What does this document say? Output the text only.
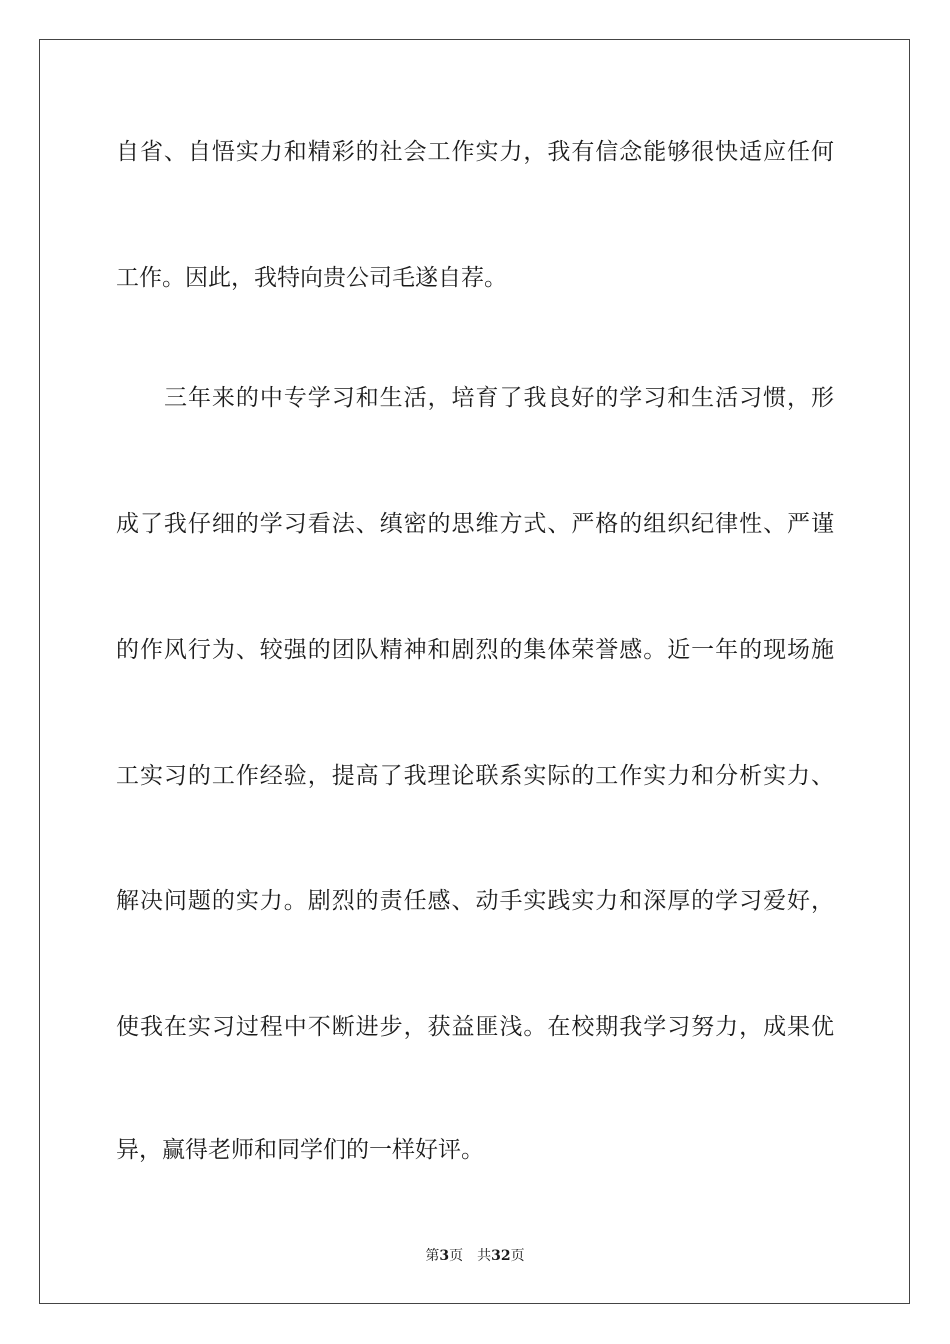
自省、自悟实力和精彩的社会工作实力，我有信念能够很快适应任何
工作。因此，我特向贵公司毛遂自荐。
三年来的中专学习和生活，培育了我良好的学习和生活习惯，形
成了我仔细的学习看法、缜密的思维方式、严格的组织纪律性、严谨
的作风行为、较强的团队精神和剧烈的集体荣誉感。近一年的现场施
工实习的工作经验，提高了我理论联系实际的工作实力和分析实力、
解决问题的实力。剧烈的责任感、动手实践实力和深厚的学习爱好，
使我在实习过程中不断进步，获益匪浅。在校期我学习努力，成果优
异，赢得老师和同学们的一样好评。
第3页 共32页
